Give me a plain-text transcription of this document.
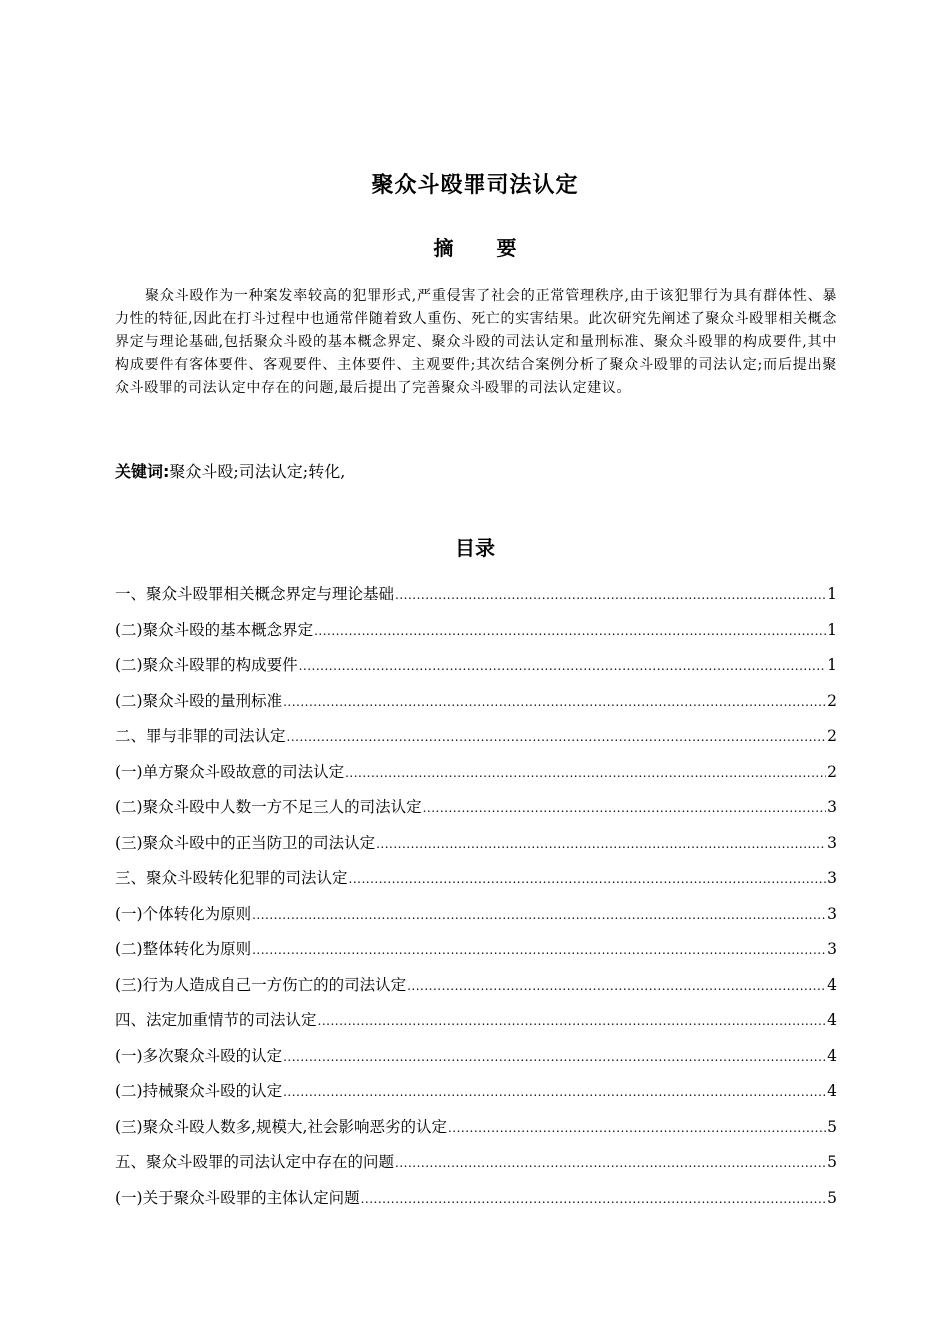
聚众斗殴罪司法认定
摘 要
聚众斗殴作为一种案发率较高的犯罪形式,严重侵害了社会的正常管理秩序,由于该犯罪行为具有群体性、暴力性的特征,因此在打斗过程中也通常伴随着致人重伤、死亡的实害结果。此次研究先阐述了聚众斗殴罪相关概念界定与理论基础,包括聚众斗殴的基本概念界定、聚众斗殴的司法认定和量刑标准、聚众斗殴罪的构成要件,其中构成要件有客体要件、客观要件、主体要件、主观要件;其次结合案例分析了聚众斗殴罪的司法认定;而后提出聚众斗殴罪的司法认定中存在的问题,最后提出了完善聚众斗殴罪的司法认定建议。
关键词:聚众斗殴;司法认定;转化,
目录
一、聚众斗殴罪相关概念界定与理论基础 .....	1
(二)聚众斗殴的基本概念界定 .....	1
(二)聚众斗殴罪的构成要件 .....	1
(二)聚众斗殴的量刑标准 .....	2
二、罪与非罪的司法认定 .....	2
(一)单方聚众斗殴故意的司法认定 .....	2
(二)聚众斗殴中人数一方不足三人的司法认定 .....	3
(三)聚众斗殴中的正当防卫的司法认定 .....	3
三、聚众斗殴转化犯罪的司法认定 .....	3
(一)个体转化为原则 .....	3
(二)整体转化为原则 .....	3
(三)行为人造成自己一方伤亡的的司法认定 .....	4
四、法定加重情节的司法认定 .....	4
(一)多次聚众斗殴的认定 .....	4
(二)持械聚众斗殴的认定 .....	4
(三)聚众斗殴人数多,规模大,社会影响恶劣的认定 .....	5
五、聚众斗殴罪的司法认定中存在的问题 .....	5
(一)关于聚众斗殴罪的主体认定问题 .....	5
